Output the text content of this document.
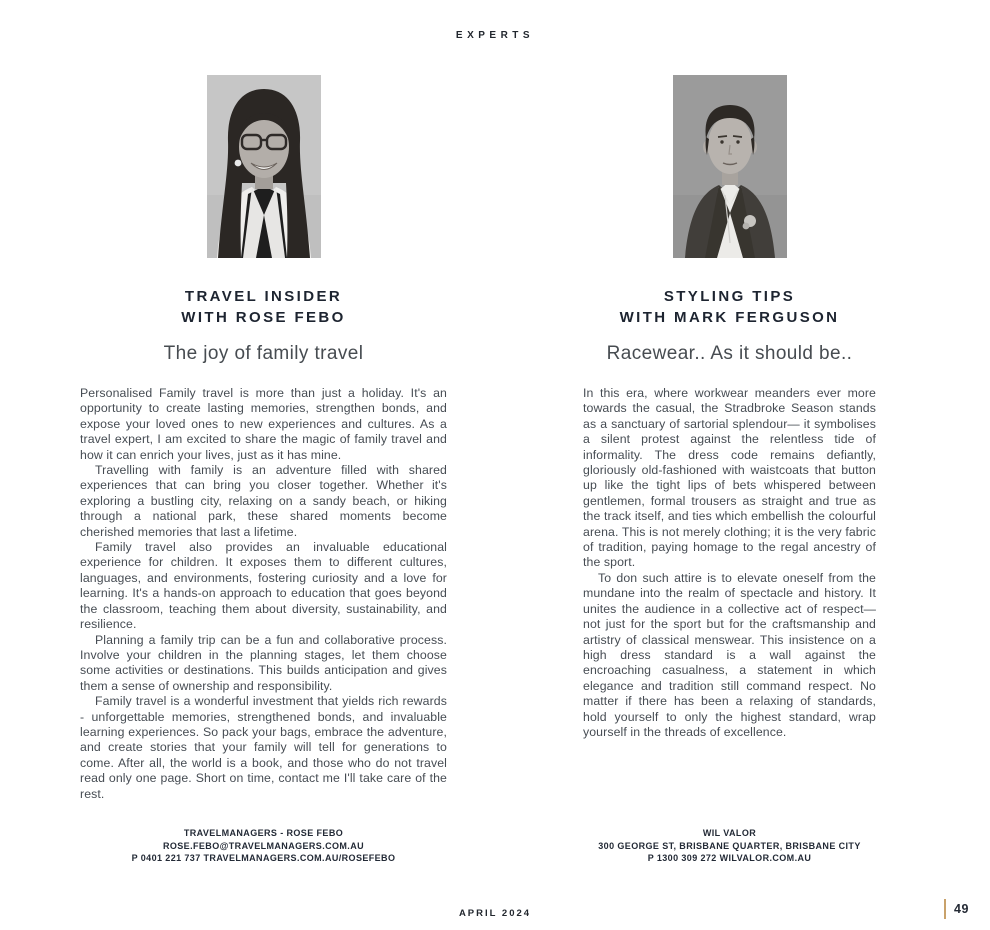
EXPERTS
TRAVEL INSIDER
WITH ROSE FEBO
The joy of family travel

Personalised Family travel is more than just a holiday. It's an opportunity to create lasting memories, strengthen bonds, and expose your loved ones to new experiences and cultures. As a travel expert, I am excited to share the magic of family travel and how it can enrich your lives, just as it has mine.

Travelling with family is an adventure filled with shared experiences that can bring you closer together. Whether it's exploring a bustling city, relaxing on a sandy beach, or hiking through a national park, these shared moments become cherished memories that last a lifetime.

Family travel also provides an invaluable educational experience for children. It exposes them to different cultures, languages, and environments, fostering curiosity and a love for learning. It's a hands-on approach to education that goes beyond the classroom, teaching them about diversity, sustainability, and resilience.

Planning a family trip can be a fun and collaborative process. Involve your children in the planning stages, let them choose some activities or destinations. This builds anticipation and gives them a sense of ownership and responsibility.

Family travel is a wonderful investment that yields rich rewards - unforgettable memories, strengthened bonds, and invaluable learning experiences. So pack your bags, embrace the adventure, and create stories that your family will tell for generations to come. After all, the world is a book, and those who do not travel read only one page. Short on time, contact me I'll take care of the rest.

TRAVELMANAGERS - ROSE FEBO
ROSE.FEBO@TRAVELMANAGERS.COM.AU
P 0401 221 737 TRAVELMANAGERS.COM.AU/ROSEFEBO
STYLING TIPS
WITH MARK FERGUSON
Racewear.. As it should be..

In this era, where workwear meanders ever more towards the casual, the Stradbroke Season stands as a sanctuary of sartorial splendour— it symbolises a silent protest against the relentless tide of informality. The dress code remains defiantly, gloriously old-fashioned with waistcoats that button up like the tight lips of bets whispered between gentlemen, formal trousers as straight and true as the track itself, and ties which embellish the colourful arena. This is not merely clothing; it is the very fabric of tradition, paying homage to the regal ancestry of the sport.

To don such attire is to elevate oneself from the mundane into the realm of spectacle and history. It unites the audience in a collective act of respect—not just for the sport but for the craftsmanship and artistry of classical menswear. This insistence on a high dress standard is a wall against the encroaching casualness, a statement in which elegance and tradition still command respect. No matter if there has been a relaxing of standards, hold yourself to only the highest standard, wrap yourself in the threads of excellence.

WIL VALOR
300 GEORGE ST, BRISBANE QUARTER, BRISBANE CITY
P 1300 309 272 WILVALOR.COM.AU
APRIL 2024	49
